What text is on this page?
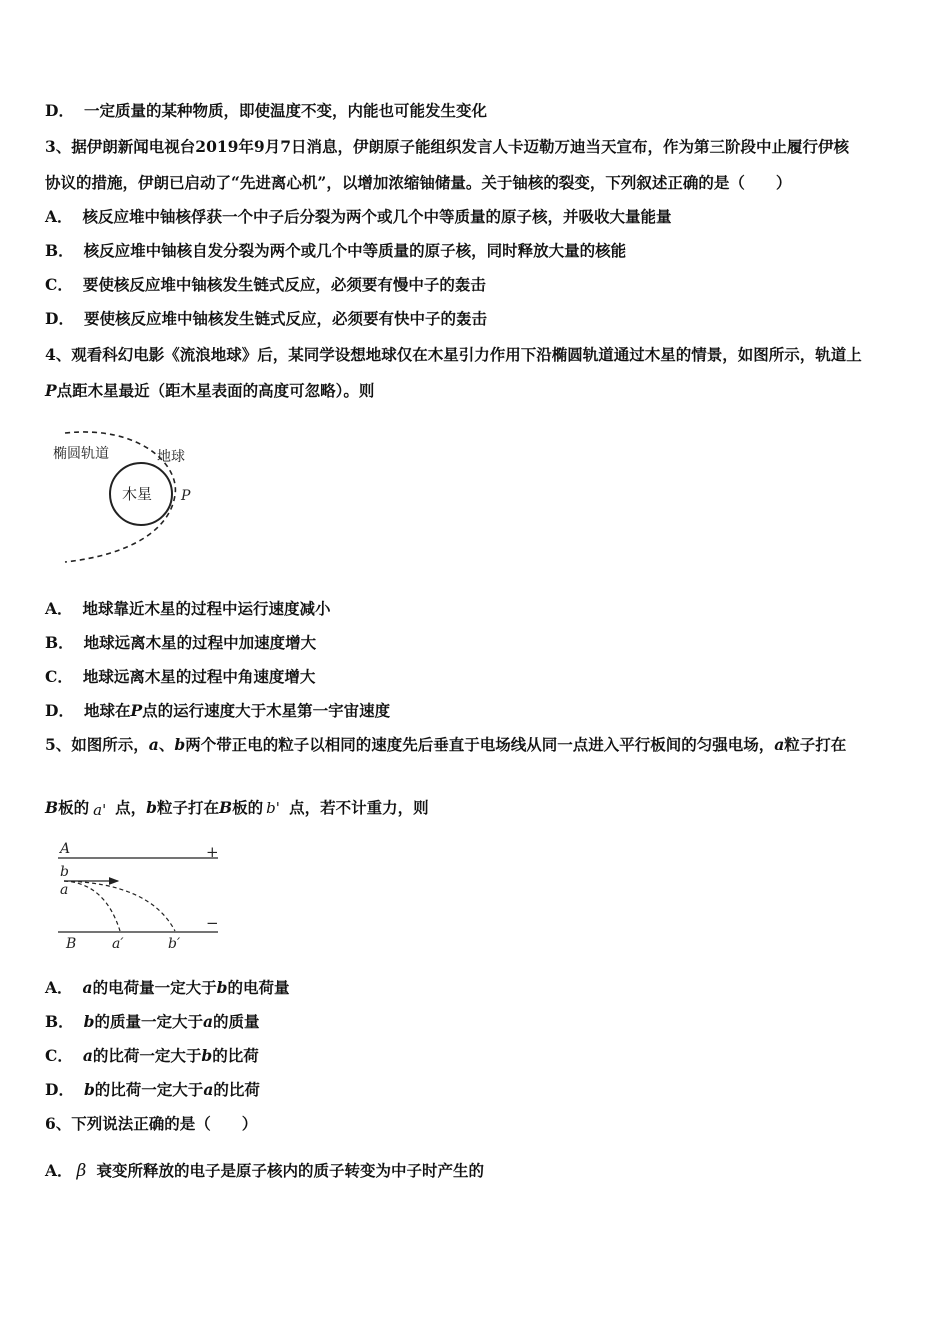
D． 一定质量的某种物质，即使温度不变，内能也可能发生变化
3、据伊朗新闻电视台2019年9月7日消息，伊朗原子能组织发言人卡迈勒万迪当天宣布，作为第三阶段中止履行伊核
协议的措施，伊朗已启动了“先进离心机”，以增加浓缩铀储量。关于铀核的裂变，下列叙述正确的是（　　）
A． 核反应堆中铀核俘获一个中子后分裂为两个或几个中等质量的原子核，并吸收大量能量
B． 核反应堆中铀核自发分裂为两个或几个中等质量的原子核，同时释放大量的核能
C． 要使核反应堆中铀核发生链式反应，必须要有慢中子的轰击
D． 要使核反应堆中铀核发生链式反应，必须要有快中子的轰击
4、观看科幻电影《流浪地球》后，某同学设想地球仅在木星引力作用下沿椭圆轨道通过木星的情景，如图所示，轨道上
P点距木星最近（距木星表面的高度可忽略）。则
椭圆轨道	地球
木星 P
A． 地球靠近木星的过程中运行速度减小
B． 地球远离木星的过程中加速度增大
C． 地球远离木星的过程中角速度增大
D． 地球在P点的运行速度大于木星第一宇宙速度
5、如图所示，a、b两个带正电的粒子以相同的速度先后垂直于电场线从同一点进入平行板间的匀强电场，a粒子打在
B板的 a' 点，b粒子打在B板的 b' 点，若不计重力，则
A	+
b
a
−
B	a′	b′
A． a的电荷量一定大于b的电荷量
B． b的质量一定大于a的质量
C． a的比荷一定大于b的比荷
D． b的比荷一定大于a的比荷
6、下列说法正确的是（　　）
A． β 衰变所释放的电子是原子核内的质子转变为中子时产生的
